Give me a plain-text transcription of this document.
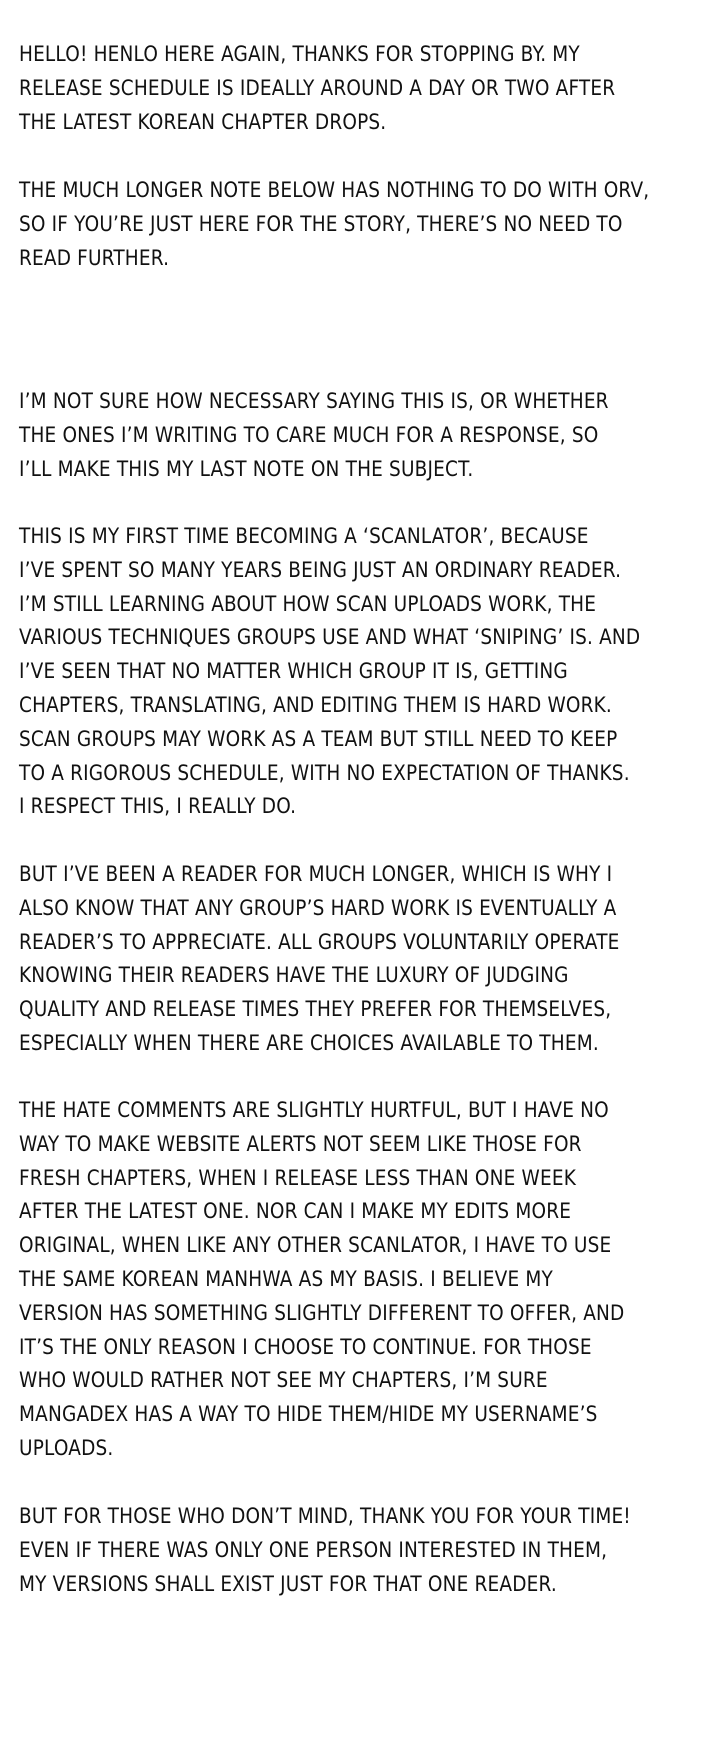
HELLO! HENLO HERE AGAIN, THANKS FOR STOPPING BY. MY
RELEASE SCHEDULE IS IDEALLY AROUND A DAY OR TWO AFTER
THE LATEST KOREAN CHAPTER DROPS.

THE MUCH LONGER NOTE BELOW HAS NOTHING TO DO WITH ORV,
SO IF YOU’RE JUST HERE FOR THE STORY, THERE’S NO NEED TO
READ FURTHER.

I’M NOT SURE HOW NECESSARY SAYING THIS IS, OR WHETHER
THE ONES I’M WRITING TO CARE MUCH FOR A RESPONSE, SO
I’LL MAKE THIS MY LAST NOTE ON THE SUBJECT.

THIS IS MY FIRST TIME BECOMING A ‘SCANLATOR’, BECAUSE
I’VE SPENT SO MANY YEARS BEING JUST AN ORDINARY READER.
I’M STILL LEARNING ABOUT HOW SCAN UPLOADS WORK, THE
VARIOUS TECHNIQUES GROUPS USE AND WHAT ‘SNIPING’ IS. AND
I’VE SEEN THAT NO MATTER WHICH GROUP IT IS, GETTING
CHAPTERS, TRANSLATING, AND EDITING THEM IS HARD WORK.
SCAN GROUPS MAY WORK AS A TEAM BUT STILL NEED TO KEEP
TO A RIGOROUS SCHEDULE, WITH NO EXPECTATION OF THANKS.
I RESPECT THIS, I REALLY DO.

BUT I’VE BEEN A READER FOR MUCH LONGER, WHICH IS WHY I
ALSO KNOW THAT ANY GROUP’S HARD WORK IS EVENTUALLY A
READER’S TO APPRECIATE. ALL GROUPS VOLUNTARILY OPERATE
KNOWING THEIR READERS HAVE THE LUXURY OF JUDGING
QUALITY AND RELEASE TIMES THEY PREFER FOR THEMSELVES,
ESPECIALLY WHEN THERE ARE CHOICES AVAILABLE TO THEM.

THE HATE COMMENTS ARE SLIGHTLY HURTFUL, BUT I HAVE NO
WAY TO MAKE WEBSITE ALERTS NOT SEEM LIKE THOSE FOR
FRESH CHAPTERS, WHEN I RELEASE LESS THAN ONE WEEK
AFTER THE LATEST ONE. NOR CAN I MAKE MY EDITS MORE
ORIGINAL, WHEN LIKE ANY OTHER SCANLATOR, I HAVE TO USE
THE SAME KOREAN MANHWA AS MY BASIS. I BELIEVE MY
VERSION HAS SOMETHING SLIGHTLY DIFFERENT TO OFFER, AND
IT’S THE ONLY REASON I CHOOSE TO CONTINUE. FOR THOSE
WHO WOULD RATHER NOT SEE MY CHAPTERS, I’M SURE
MANGADEX HAS A WAY TO HIDE THEM/HIDE MY USERNAME’S
UPLOADS.

BUT FOR THOSE WHO DON’T MIND, THANK YOU FOR YOUR TIME!
EVEN IF THERE WAS ONLY ONE PERSON INTERESTED IN THEM,
MY VERSIONS SHALL EXIST JUST FOR THAT ONE READER.
